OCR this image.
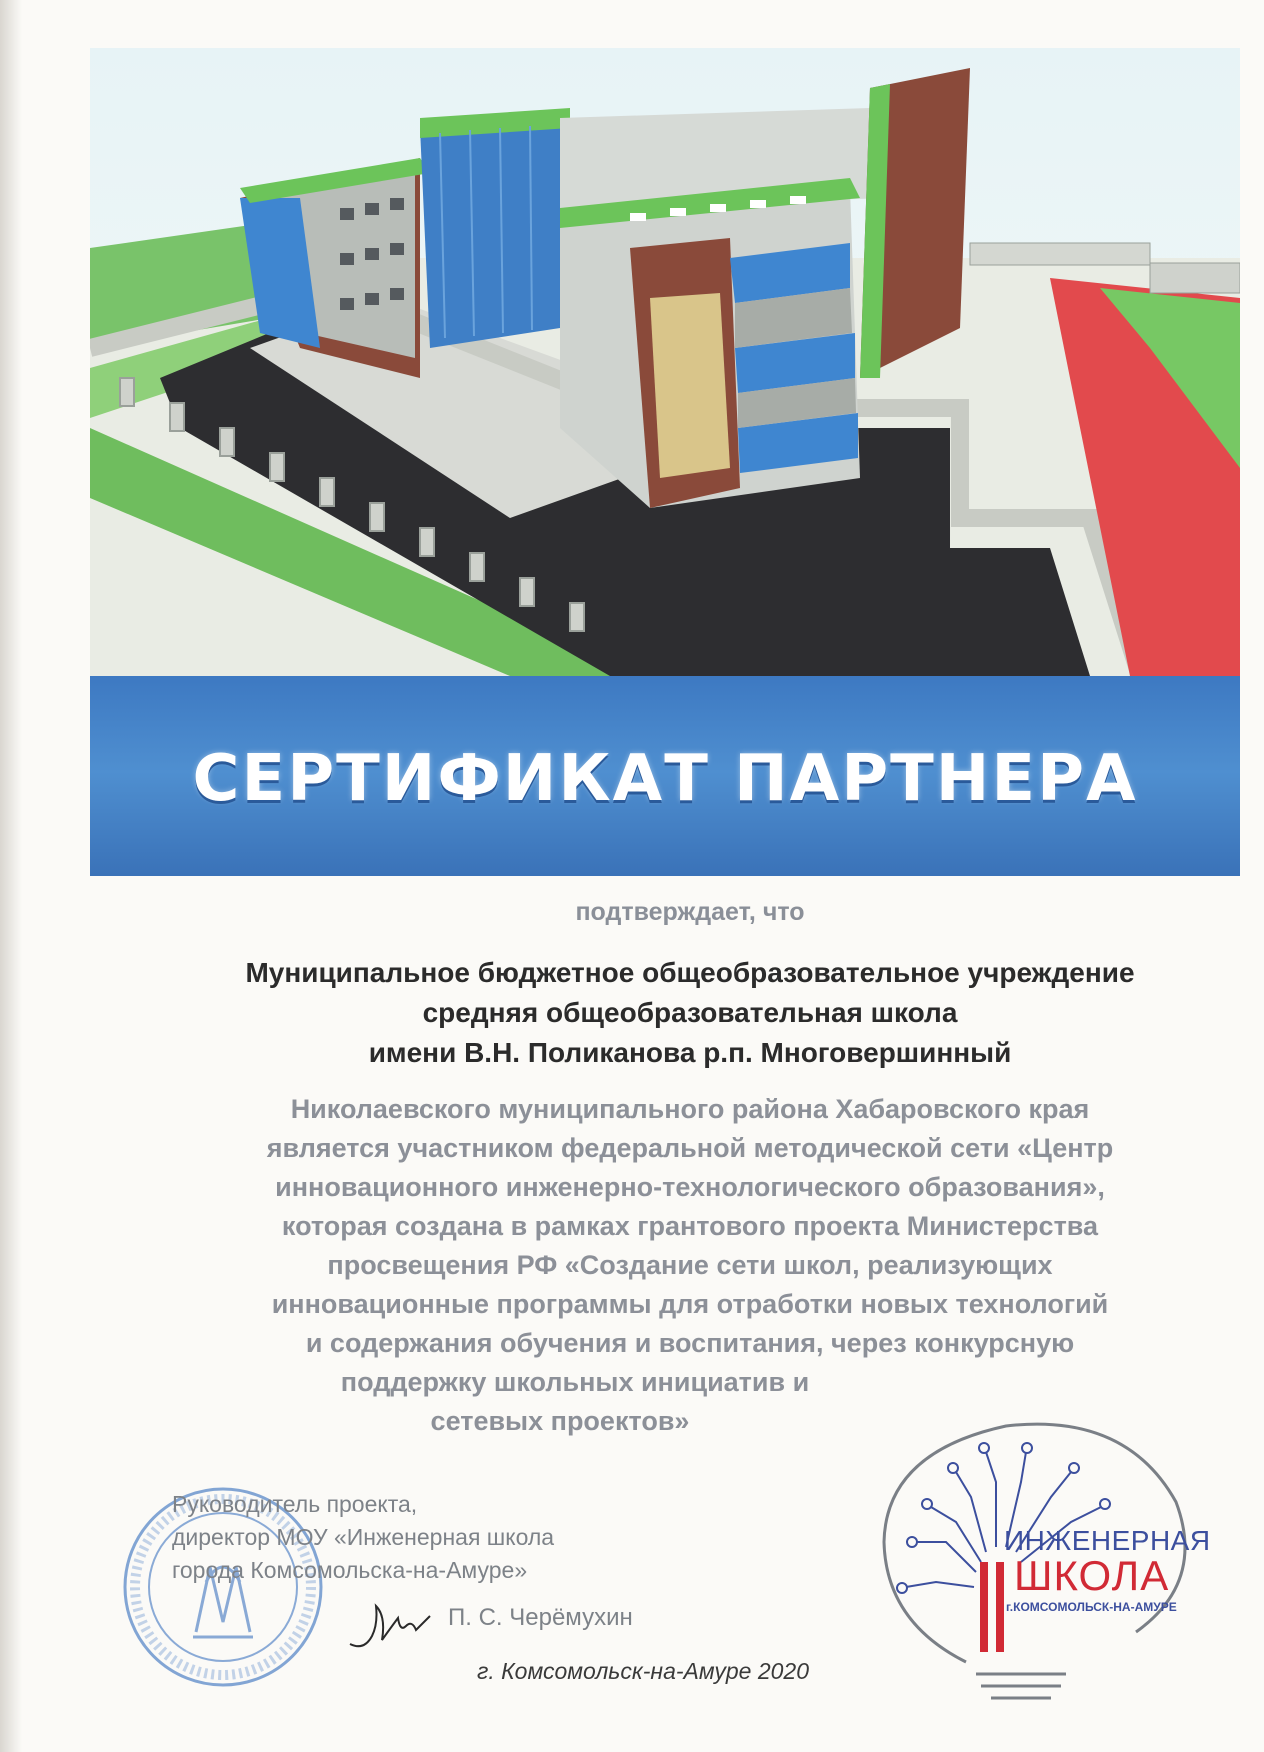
СЕРТИФИКАТ ПАРТНЕРА
подтверждает, что
Муниципальное бюджетное общеобразовательное учреждение
средняя общеобразовательная школа
имени В.Н. Поликанова р.п. Многовершинный
Николаевского муниципального района Хабаровского края
является участником федеральной методической сети «Центр
инновационного инженерно-технологического образования»,
которая создана в рамках грантового проекта Министерства
просвещения РФ «Создание сети школ, реализующих
инновационные программы для отработки новых технологий
и содержания обучения и воспитания, через конкурсную
поддержку школьных инициатив и
сетевых проектов»
Руководитель проекта,
директор МОУ «Инженерная школа
города Комсомольска-на-Амуре»
П. С. Черёмухин
г. Комсомольск-на-Амуре 2020
ИНЖЕНЕРНАЯ
ШКОЛА
г.КОМСОМОЛЬСК-НА-АМУРЕ
